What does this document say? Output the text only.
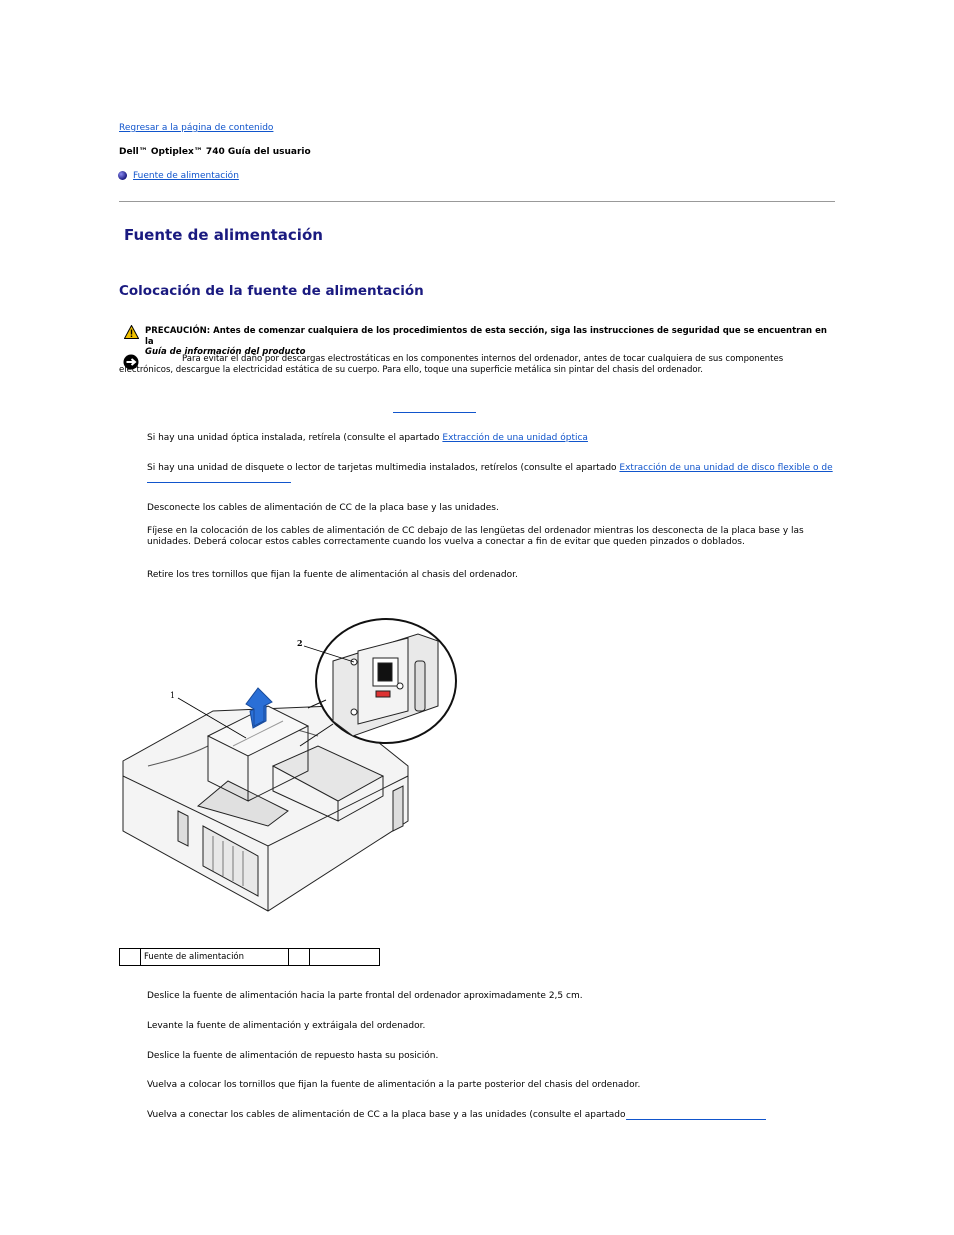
Regresar a la página de contenido
Dell™ Optiplex™ 740 Guía del usuario
Fuente de alimentación
Fuente de alimentación
Colocación de la fuente de alimentación
PRECAUCIÓN: Antes de comenzar cualquiera de los procedimientos de esta sección, siga las instrucciones de seguridad que se encuentran en la
Guía de información del producto
Para evitar el daño por descargas electrostáticas en los componentes internos del ordenador, antes de tocar cualquiera de sus componentes
electrónicos, descargue la electricidad estática de su cuerpo. Para ello, toque una superficie metálica sin pintar del chasis del ordenador.
Si hay una unidad óptica instalada, retírela (consulte el apartado Extracción de una unidad óptica
Si hay una unidad de disquete o lector de tarjetas multimedia instalados, retírelos (consulte el apartado Extracción de una unidad de disco flexible o de
Desconecte los cables de alimentación de CC de la placa base y las unidades.
Fíjese en la colocación de los cables de alimentación de CC debajo de las lengüetas del ordenador mientras los desconecta de la placa base y las unidades. Deberá colocar estos cables correctamente cuando los vuelva a conectar a fin de evitar que queden pinzados o doblados.
Retire los tres tornillos que fijan la fuente de alimentación al chasis del ordenador.
1
2
	Fuente de alimentación		
Deslice la fuente de alimentación hacia la parte frontal del ordenador aproximadamente 2,5 cm.
Levante la fuente de alimentación y extráigala del ordenador.
Deslice la fuente de alimentación de repuesto hasta su posición.
Vuelva a colocar los tornillos que fijan la fuente de alimentación a la parte posterior del chasis del ordenador.
Vuelva a conectar los cables de alimentación de CC a la placa base y a las unidades (consulte el apartado
